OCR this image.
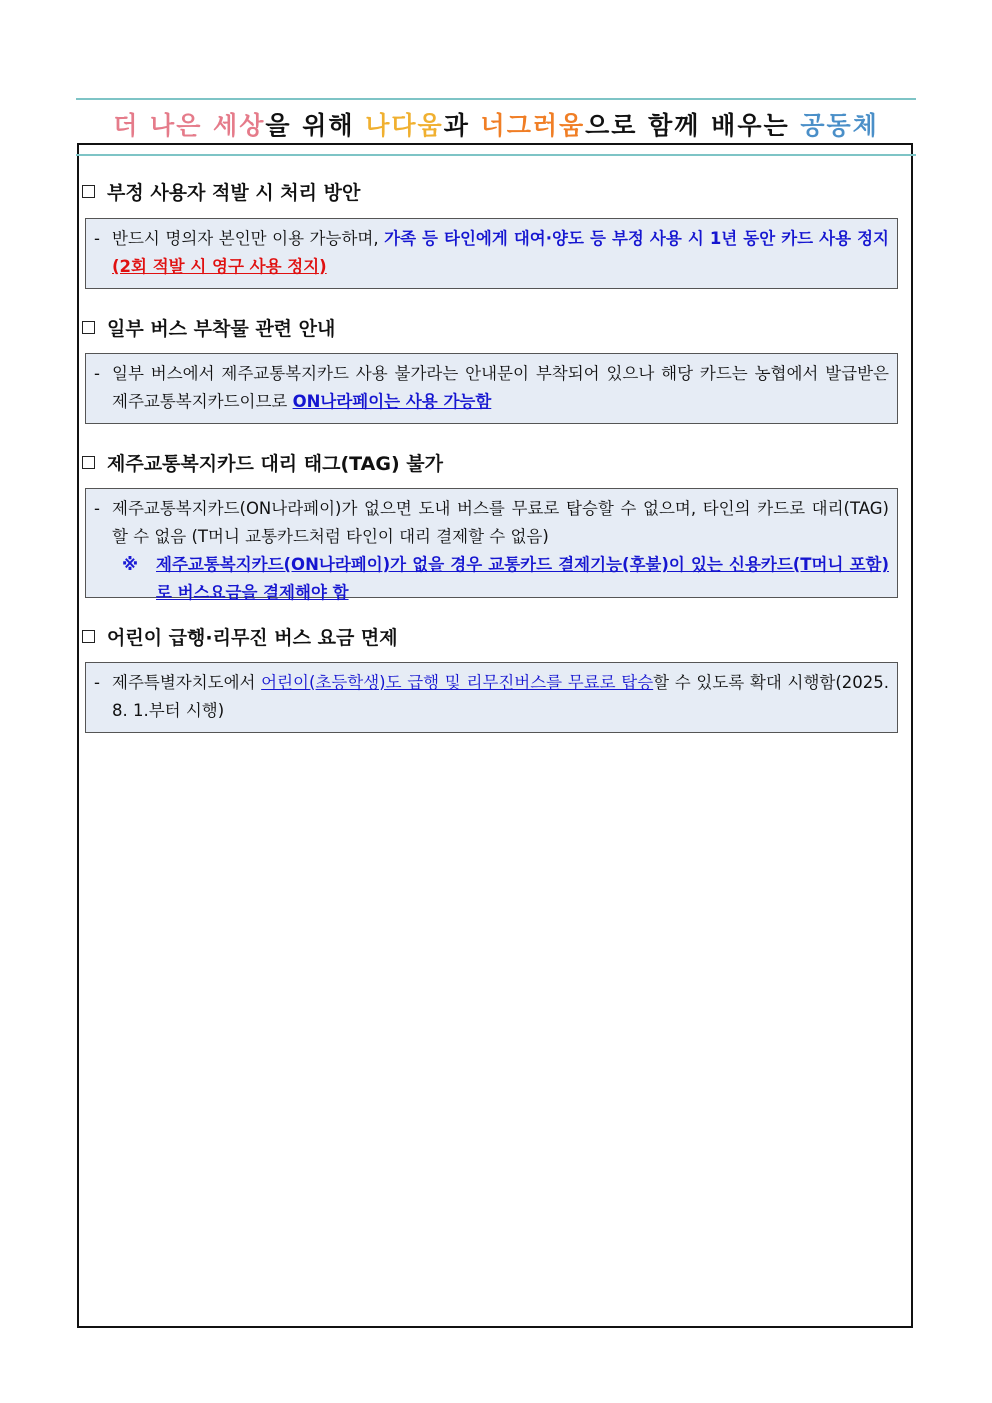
더 나은 세상을 위해 나다움과 너그러움으로 함께 배우는 공동체
부정 사용자 적발 시 처리 방안
- 반드시 명의자 본인만 이용 가능하며, 가족 등 타인에게 대여·양도 등 부정 사용 시 1년 동안 카드 사용 정지(2회 적발 시 영구 사용 정지)
일부 버스 부착물 관련 안내
- 일부 버스에서 제주교통복지카드 사용 불가라는 안내문이 부착되어 있으나 해당 카드는 농협에서 발급받은 제주교통복지카드이므로 ON나라페이는 사용 가능함
제주교통복지카드 대리 태그(TAG) 불가
- 제주교통복지카드(ON나라페이)가 없으면 도내 버스를 무료로 탑승할 수 없으며, 타인의 카드로 대리(TAG)할 수 없음 (T머니 교통카드처럼 타인이 대리 결제할 수 없음)
※ 제주교통복지카드(ON나라페이)가 없을 경우 교통카드 결제기능(후불)이 있는 신용카드(T머니 포함)로 버스요금을 결제해야 함
어린이 급행·리무진 버스 요금 면제
- 제주특별자치도에서 어린이(초등학생)도 급행 및 리무진버스를 무료로 탑승할 수 있도록 확대 시행함(2025. 8. 1.부터 시행)
